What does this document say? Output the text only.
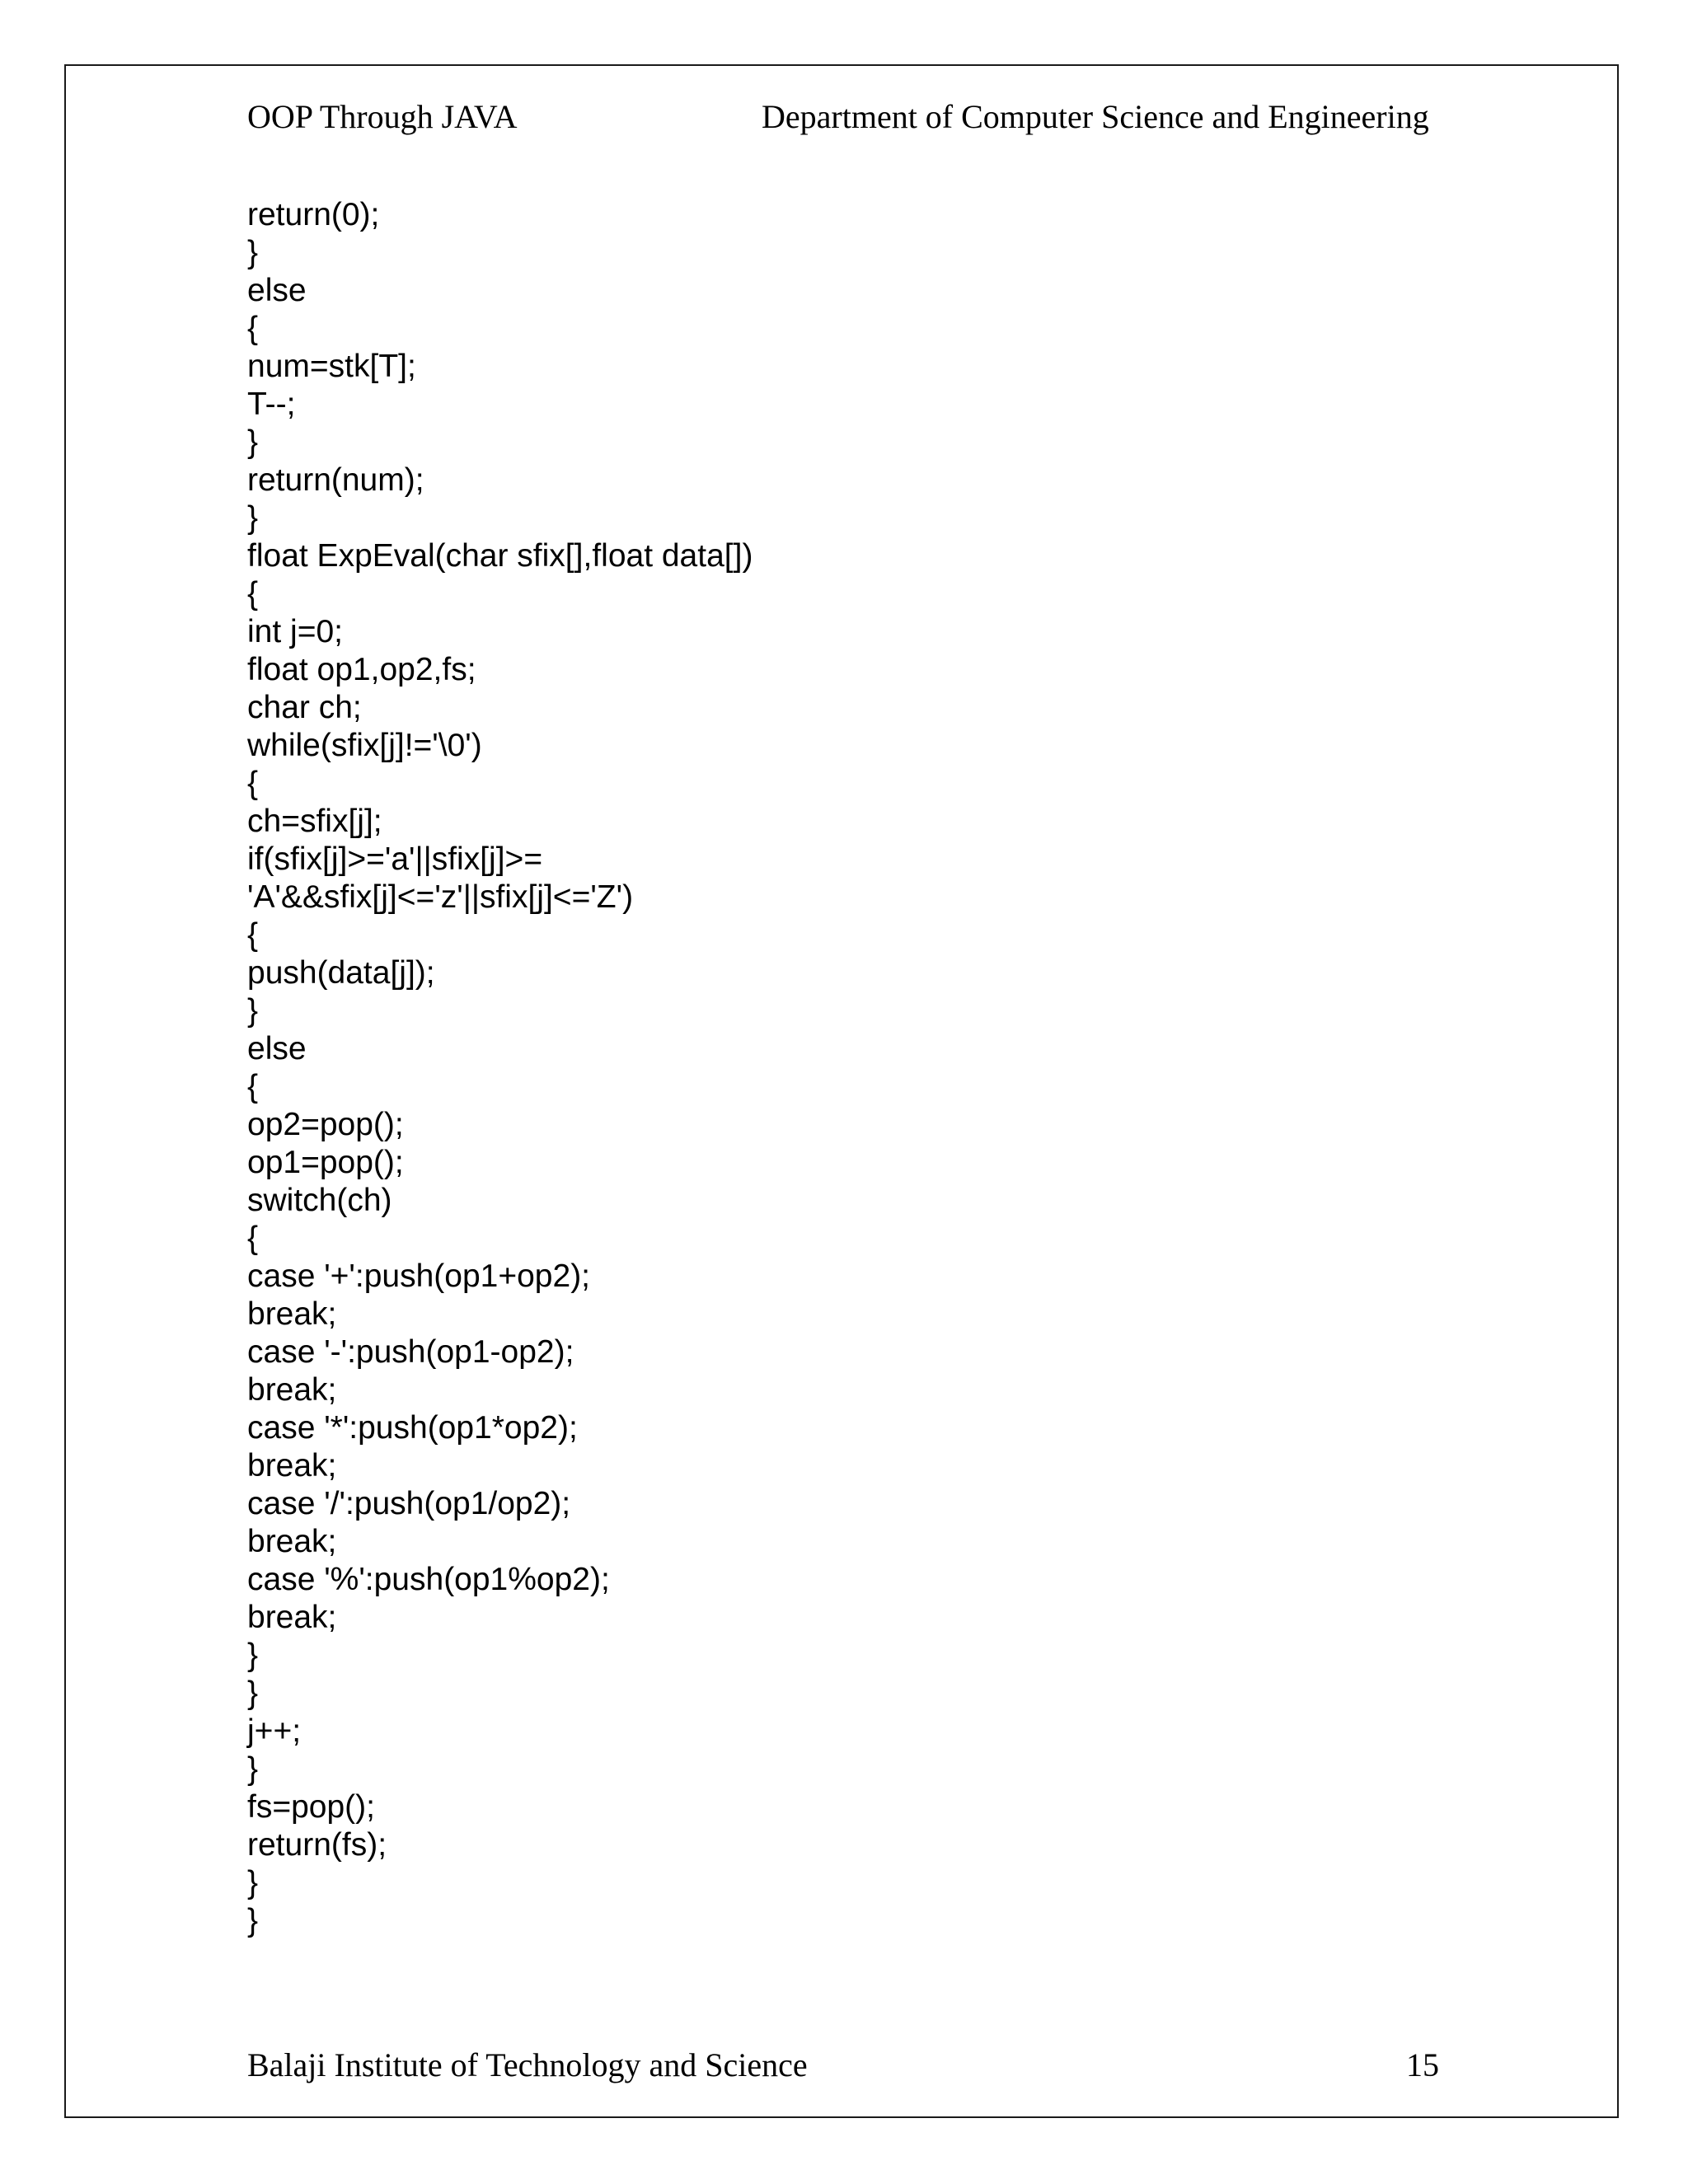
OOP Through JAVA	Department of Computer Science and Engineering
return(0);
}
else
{
num=stk[T];
T--;
}
return(num);
}
float ExpEval(char sfix[],float data[])
{
int j=0;
float op1,op2,fs;
char ch;
while(sfix[j]!='\0')
{
ch=sfix[j];
if(sfix[j]>='a'||sfix[j]>=
'A'&&sfix[j]<='z'||sfix[j]<='Z')
{
push(data[j]);
}
else
{
op2=pop();
op1=pop();
switch(ch)
{
case '+':push(op1+op2);
break;
case '-':push(op1-op2);
break;
case '*':push(op1*op2);
break;
case '/':push(op1/op2);
break;
case '%':push(op1%op2);
break;
}
}
j++;
}
fs=pop();
return(fs);
}
}
Balaji Institute of Technology and Science	15
